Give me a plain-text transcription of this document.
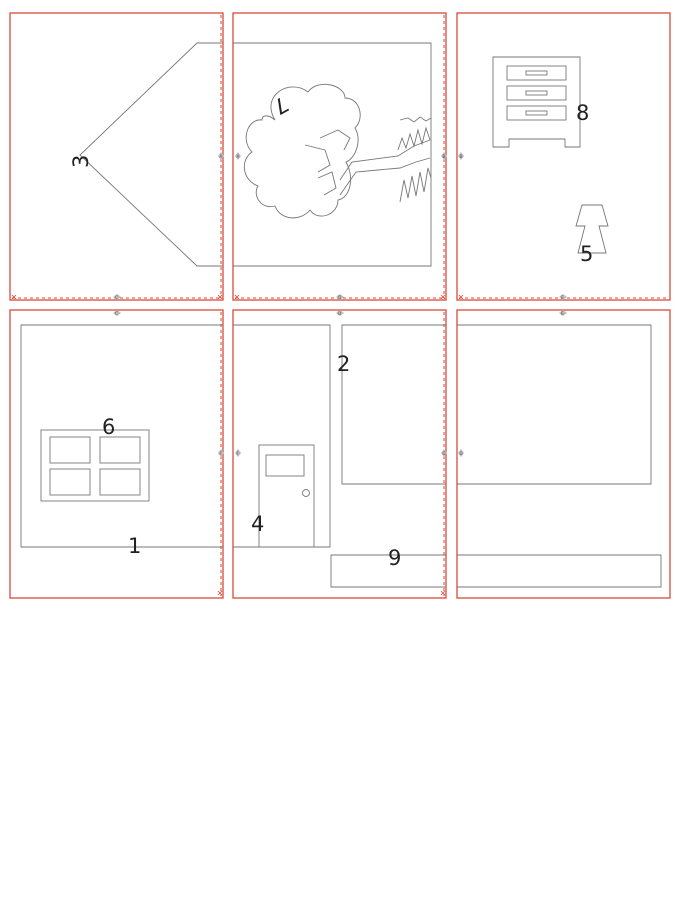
C
C
D
D
E
E
A	A	B	B
F	F	G	G
1
2
3
4
5
6
7	8
9
